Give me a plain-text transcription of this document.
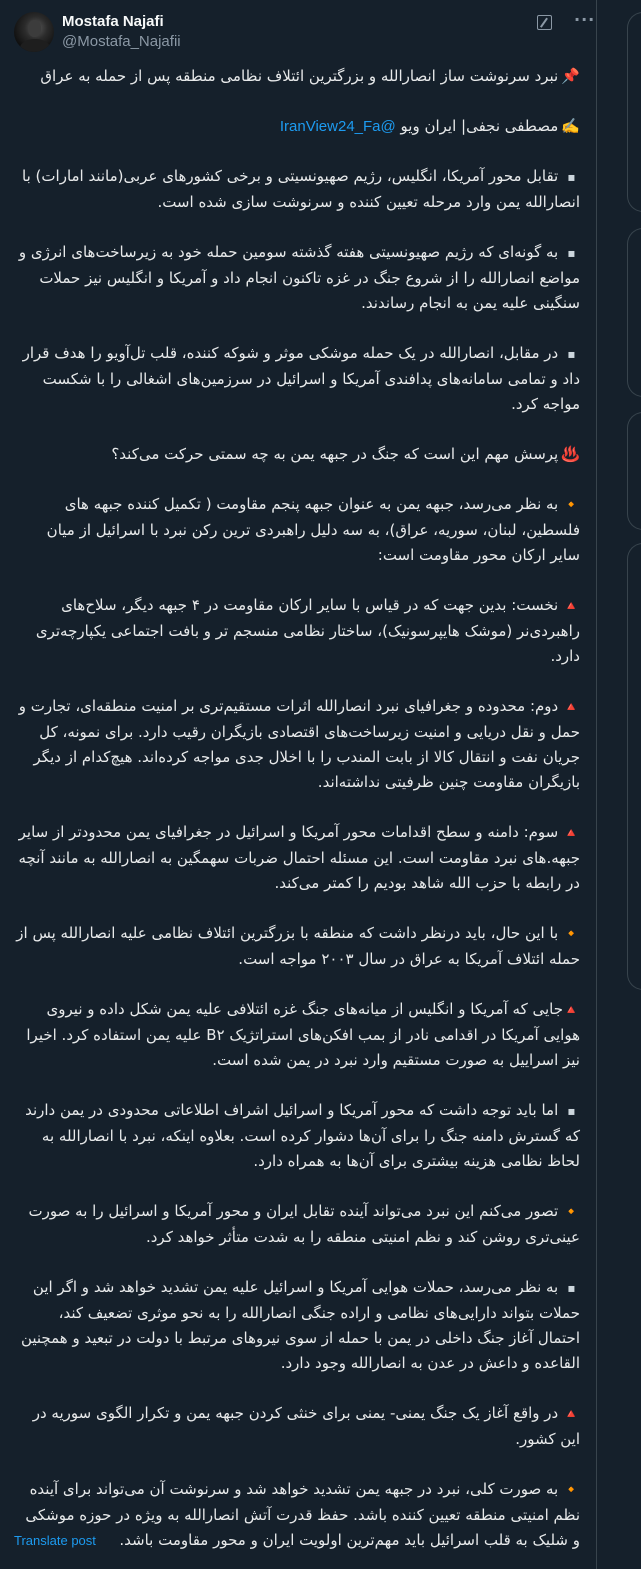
Mostafa Najafi
@Mostafa_Najafii
···

📌 نبرد سرنوشت ساز انصارالله و بزرگترین ائتلاف نظامی منطقه پس از حمله به عراق

✍️ مصطفی نجفی| ایران ویو @IranView24_Fa

▪ تقابل محور آمریکا، انگلیس، رژیم صهیونسیتی و برخی کشورهای عربی(مانند امارات) با انصارالله یمن وارد مرحله تعیین کننده و سرنوشت سازی شده است.

▪ به گونه‌ای که رژیم صهیونسیتی هفته گذشته سومین حمله خود به زیرساخت‌های انرژی و مواضع انصارالله را از شروع جنگ در غزه تاکنون انجام داد و آمریکا و انگلیس نیز حملات سنگینی علیه یمن به انجام رساندند.

▪ در مقابل، انصارالله در یک حمله موشکی موثر و شوکه کننده، قلب تل‌آویو را هدف قرار داد و تمامی سامانه‌های پدافندی آمریکا و اسرائیل در سرزمین‌های اشغالی را با شکست مواجه کرد.

♨️ پرسش مهم این است که جنگ در جبهه یمن به چه سمتی حرکت می‌کند؟

🔸 به نظر می‌رسد، جبهه یمن به عنوان جبهه پنجم مقاومت ( تکمیل کننده جبهه های فلسطین، لبنان، سوریه، عراق)، به سه دلیل راهبردی ترین رکن نبرد با اسرائیل از میان سایر ارکان محور مقاومت است:

🔺 نخست: بدین جهت که در قیاس با سایر ارکان مقاومت در ۴ جبهه دیگر، سلاح‌های راهبردی‌نر (موشک هایپرسونیک)، ساختار نظامی منسجم تر و بافت اجتماعی یکپارچه‌تری دارد.

🔺 دوم: محدوده و جغرافیای نبرد انصارالله اثرات مستقیم‌تری بر امنیت منطقه‌ای، تجارت و حمل و نقل دریایی و امنیت زیرساخت‌های اقتصادی بازیگران رقیب دارد. برای نمونه، کل جریان نفت و انتقال کالا از بابت المندب را با اخلال جدی مواجه کرده‌اند. هیچ‌کدام از دیگر بازیگران مقاومت چنین ظرفیتی نداشته‌اند.

🔺 سوم: دامنه و سطح اقدامات محور آمریکا و اسرائیل در جغرافیای یمن محدودتر از سایر جبهه.های نبرد مقاومت است. این مسئله احتمال ضربات سهمگین به انصارالله به مانند آنچه در رابطه با حزب الله شاهد بودیم را کمتر می‌کند.

🔸 با این حال، باید درنظر داشت که منطقه با بزرگترین ائتلاف نظامی علیه انصارالله پس از حمله ائتلاف آمریکا به عراق در سال ۲۰۰۳ مواجه است.

🔺جایی که آمریکا و انگلیس از میانه‌های جنگ غزه ائتلافی علیه یمن شکل داده و نیروی هوایی آمریکا در اقدامی نادر از بمب افکن‌های استراتژیک B۲ علیه یمن استفاده کرد. اخیرا نیز اسراییل به صورت مستقیم وارد نبرد در یمن شده است.

▪ اما باید توجه داشت که محور آمریکا و اسرائیل اشراف اطلاعاتی محدودی در یمن دارند که گسترش دامنه جنگ را برای آن‌ها دشوار کرده است. بعلاوه اینکه، نبرد با انصارالله به لحاظ نظامی هزینه بیشتری برای آن‌ها به همراه دارد.

🔸 تصور می‌کنم این نبرد می‌تواند آینده تقابل ایران و محور آمریکا و اسرائیل را به صورت عینی‌تری روشن کند و نظم امنیتی منطقه را به شدت متأثر خواهد کرد.

▪ به نظر می‌رسد، حملات هوایی آمریکا و اسرائیل علیه یمن تشدید خواهد شد و اگر این حملات بتواند دارایی‌های نظامی و اراده جنگی انصارالله را به نحو موثری تضعیف کند، احتمال آغاز جنگ داخلی در یمن با حمله از سوی نیروهای مرتبط با دولت در تبعید و همچنین القاعده و داعش در عدن به انصارالله وجود دارد.

🔺 در واقع آغاز یک جنگ یمنی- یمنی برای خنثی کردن جبهه یمن و تکرار الگوی سوریه در این کشور.

🔸 به صورت کلی، نبرد در جبهه یمن تشدید خواهد شد و سرنوشت آن می‌تواند برای آینده نظم امنیتی منطقه تعیین کننده باشد. حفظ قدرت آتش انصارالله به ویژه در حوزه موشکی و شلیک به قلب اسرائیل باید مهم‌ترین اولویت ایران و محور مقاومت باشد.

Translate post
